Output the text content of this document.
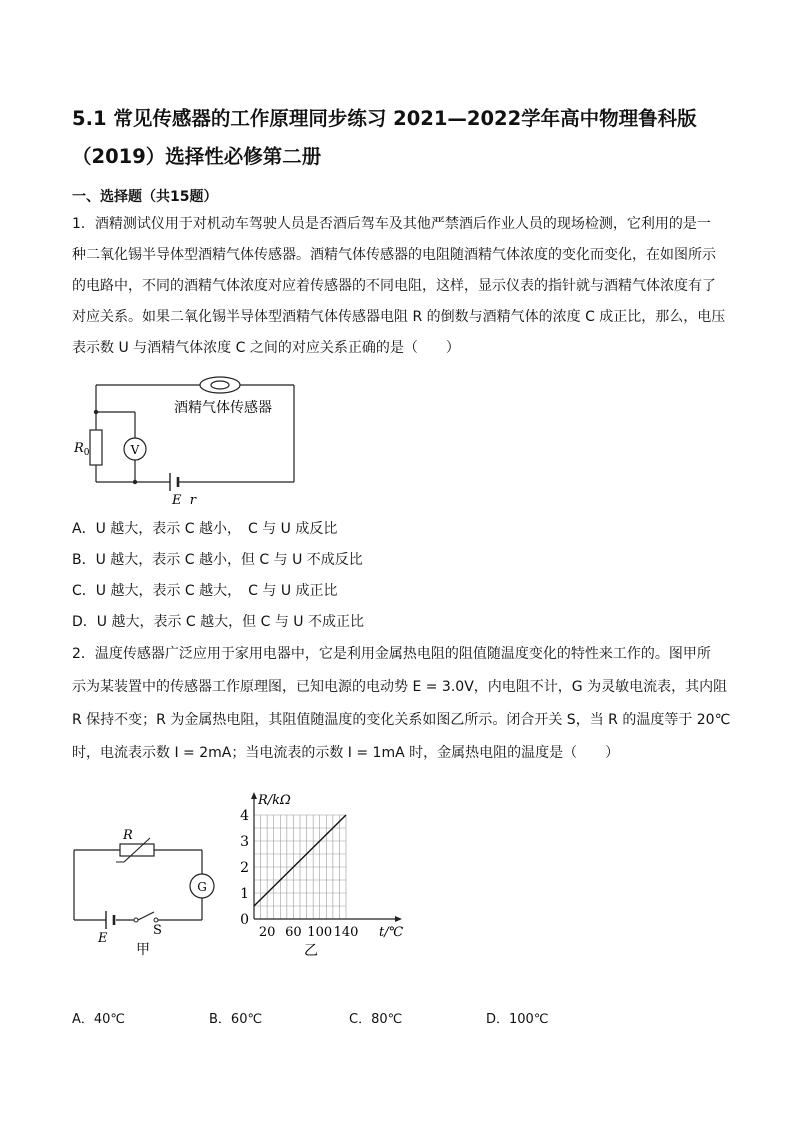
5.1 常见传感器的工作原理同步练习 2021—2022学年高中物理鲁科版
（2019）选择性必修第二册
一、选择题（共15题）
1．酒精测试仪用于对机动车驾驶人员是否酒后驾车及其他严禁酒后作业人员的现场检测，它利用的是一
种二氧化锡半导体型酒精气体传感器。酒精气体传感器的电阻随酒精气体浓度的变化而变化，在如图所示
的电路中，不同的酒精气体浓度对应着传感器的不同电阻，这样，显示仪表的指针就与酒精气体浓度有了
对应关系。如果二氧化锡半导体型酒精气体传感器电阻 R 的倒数与酒精气体的浓度 C 成正比，那么，电压
表示数 U 与酒精气体浓度 C 之间的对应关系正确的是（　　）
酒精气体传感器
$R_0$	V
E  r
A．U 越大，表示 C 越小，　C 与 U 成反比
B．U 越大，表示 C 越小，但 C 与 U 不成反比
C．U 越大，表示 C 越大，　C 与 U 成正比
D．U 越大，表示 C 越大，但 C 与 U 不成正比
2．温度传感器广泛应用于家用电器中，它是利用金属热电阻的阻值随温度变化的特性来工作的。图甲所
示为某装置中的传感器工作原理图，已知电源的电动势 E = 3.0V，内电阻不计，G 为灵敏电流表，其内阻
R 保持不变；R 为金属热电阻，其阻值随温度的变化关系如图乙所示。闭合开关 S，当 R 的温度等于 20℃
时，电流表示数 I = 2mA；当电流表的示数 I = 1mA 时，金属热电阻的温度是（　　）
R
G
E
S
甲
0
1
2
3
4
20 60 100 140
R/kΩ
t/℃
乙
A．40℃	B．60℃	C．80℃	D．100℃
